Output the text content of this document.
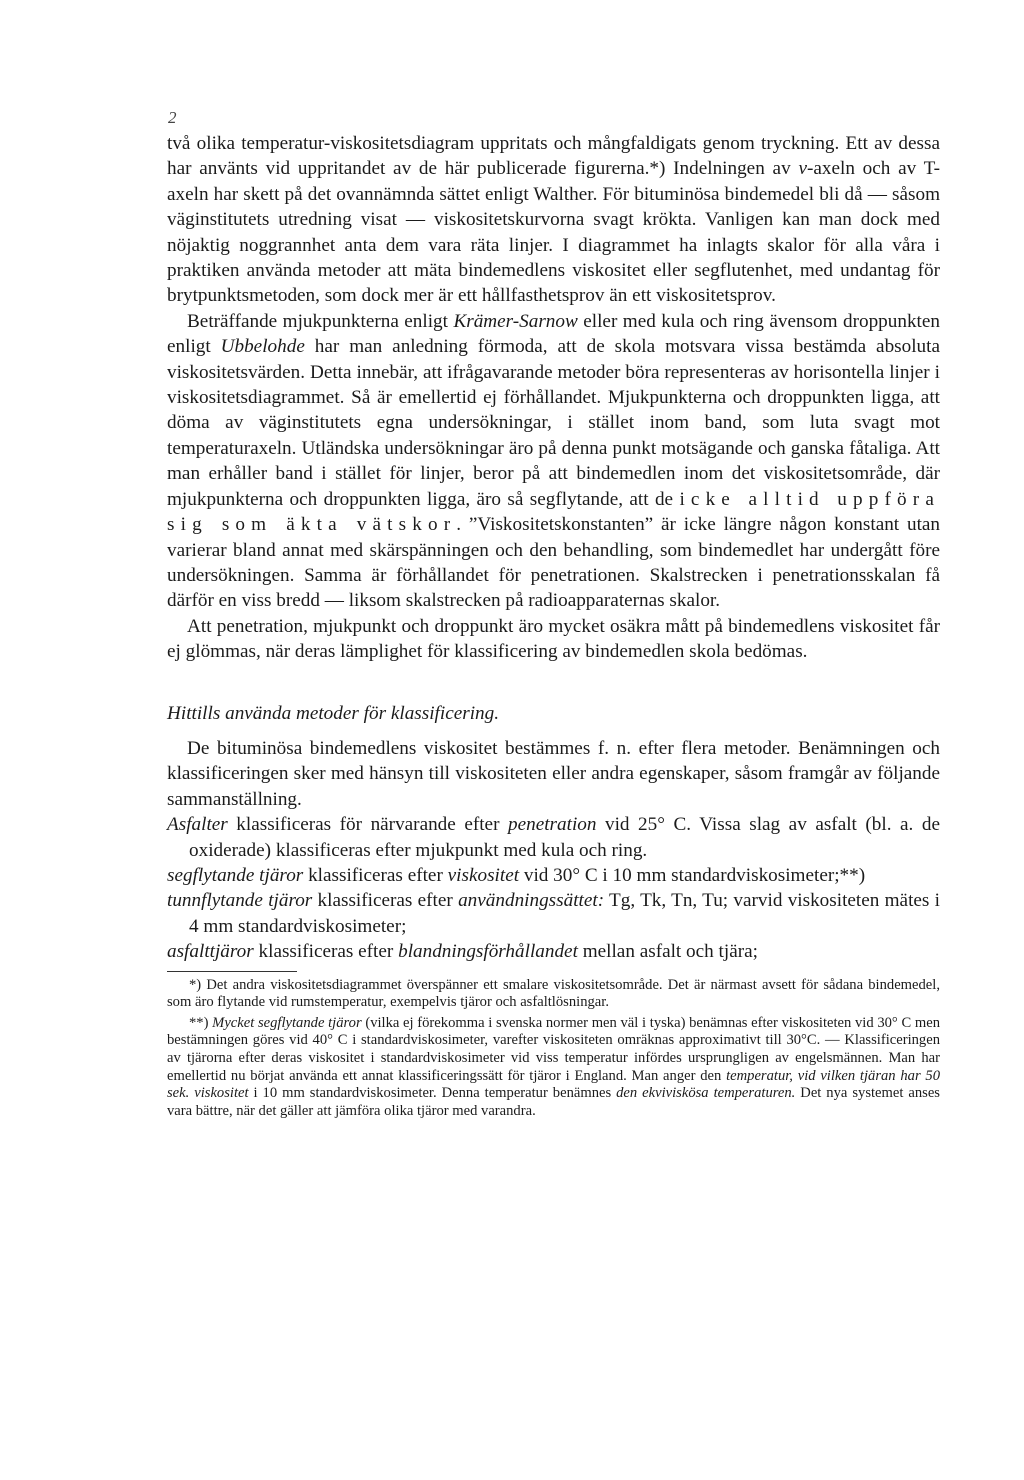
2

två olika temperatur-viskositetsdiagram uppritats och mångfaldigats genom tryckning. Ett av dessa har använts vid uppritandet av de här publicerade figurerna.*) Indelningen av v-axeln och av T-axeln har skett på det ovannämnda sättet enligt Walther. För bituminösa bindemedel bli då — såsom väginstitutets utredning visat — viskositetskurvorna svagt krökta. Vanligen kan man dock med nöjaktig noggrannhet anta dem vara räta linjer. I diagrammet ha inlagts skalor för alla våra i praktiken använda metoder att mäta bindemedlens viskositet eller segflutenhet, med undantag för brytpunktsmetoden, som dock mer är ett hållfasthetsprov än ett viskositetsprov.

Beträffande mjukpunkterna enligt Krämer-Sarnow eller med kula och ring ävensom droppunkten enligt Ubbelohde har man anledning förmoda, att de skola motsvara vissa bestämda absoluta viskositetsvärden. Detta innebär, att ifrågavarande metoder böra representeras av horisontella linjer i viskositetsdiagrammet. Så är emellertid ej förhållandet. Mjukpunkterna och droppunkten ligga, att döma av väginstitutets egna undersökningar, i stället inom band, som luta svagt mot temperaturaxeln. Utländska undersökningar äro på denna punkt motsägande och ganska fåtaliga. Att man erhåller band i stället för linjer, beror på att bindemedlen inom det viskositetsområde, där mjukpunkterna och droppunkten ligga, äro så segflytande, att de icke alltid uppföra sig som äkta vätskor. ”Viskositetskonstanten” är icke längre någon konstant utan varierar bland annat med skärspänningen och den behandling, som bindemedlet har undergått före undersökningen. Samma är förhållandet för penetrationen. Skalstrecken i penetrationsskalan få därför en viss bredd — liksom skalstrecken på radioapparaternas skalor.

Att penetration, mjukpunkt och droppunkt äro mycket osäkra mått på bindemedlens viskositet får ej glömmas, när deras lämplighet för klassificering av bindemedlen skola bedömas.

Hittills använda metoder för klassificering.

De bituminösa bindemedlens viskositet bestämmes f. n. efter flera metoder. Benämningen och klassificeringen sker med hänsyn till viskositeten eller andra egenskaper, såsom framgår av följande sammanställning.

Asfalter klassificeras för närvarande efter penetration vid 25° C. Vissa slag av asfalt (bl. a. de oxiderade) klassificeras efter mjukpunkt med kula och ring.

segflytande tjäror klassificeras efter viskositet vid 30° C i 10 mm standardviskosimeter;**)

tunnflytande tjäror klassificeras efter användningssättet: Tg, Tk, Tn, Tu; varvid viskositeten mätes i 4 mm standardviskosimeter;

asfalttjäror klassificeras efter blandningsförhållandet mellan asfalt och tjära;

*) Det andra viskositetsdiagrammet överspänner ett smalare viskositetsområde. Det är närmast avsett för sådana bindemedel, som äro flytande vid rumstemperatur, exempelvis tjäror och asfaltlösningar.

**) Mycket segflytande tjäror (vilka ej förekomma i svenska normer men väl i tyska) benämnas efter viskositeten vid 30° C men bestämningen göres vid 40° C i standardviskosimeter, varefter viskositeten omräknas approximativt till 30°C. — Klassificeringen av tjärorna efter deras viskositet i standardviskosimeter vid viss temperatur infördes ursprungligen av engelsmännen. Man har emellertid nu börjat använda ett annat klassificeringssätt för tjäror i England. Man anger den temperatur, vid vilken tjäran har 50 sek. viskositet i 10 mm standardviskosimeter. Denna temperatur benämnes den ekviviskösa temperaturen. Det nya systemet anses vara bättre, när det gäller att jämföra olika tjäror med varandra.
